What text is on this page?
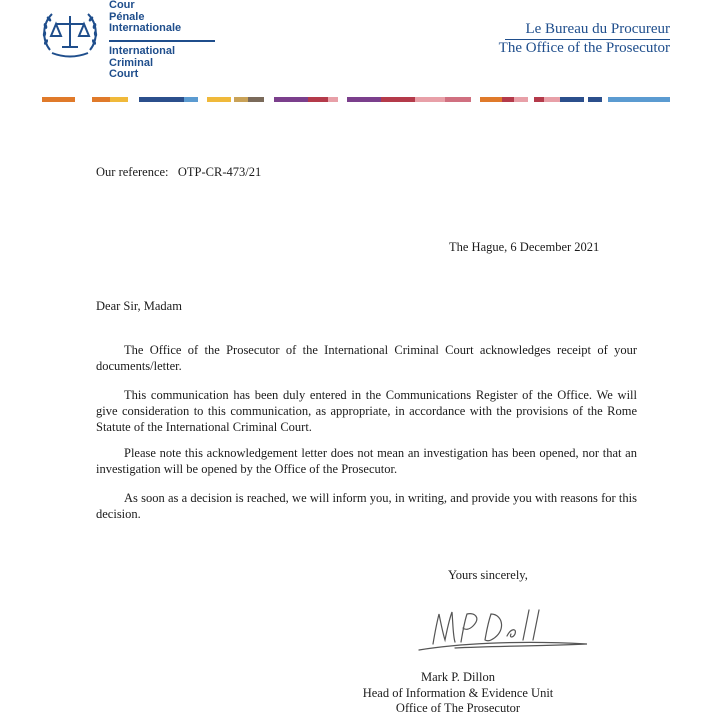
Cour
Pénale
Internationale
International
Criminal
Court
Le Bureau du Procureur
The Office of the Prosecutor
Our reference:   OTP-CR-473/21
The Hague, 6 December 2021
Dear Sir, Madam
The Office of the Prosecutor of the International Criminal Court acknowledges receipt of your documents/letter.
This communication has been duly entered in the Communications Register of the Office. We will give consideration to this communication, as appropriate, in accordance with the provisions of the Rome Statute of the International Criminal Court.
Please note this acknowledgement letter does not mean an investigation has been opened, nor that an investigation will be opened by the Office of the Prosecutor.
As soon as a decision is reached, we will inform you, in writing, and provide you with reasons for this decision.
Yours sincerely,
Mark P. Dillon
Head of Information & Evidence Unit
Office of The Prosecutor
